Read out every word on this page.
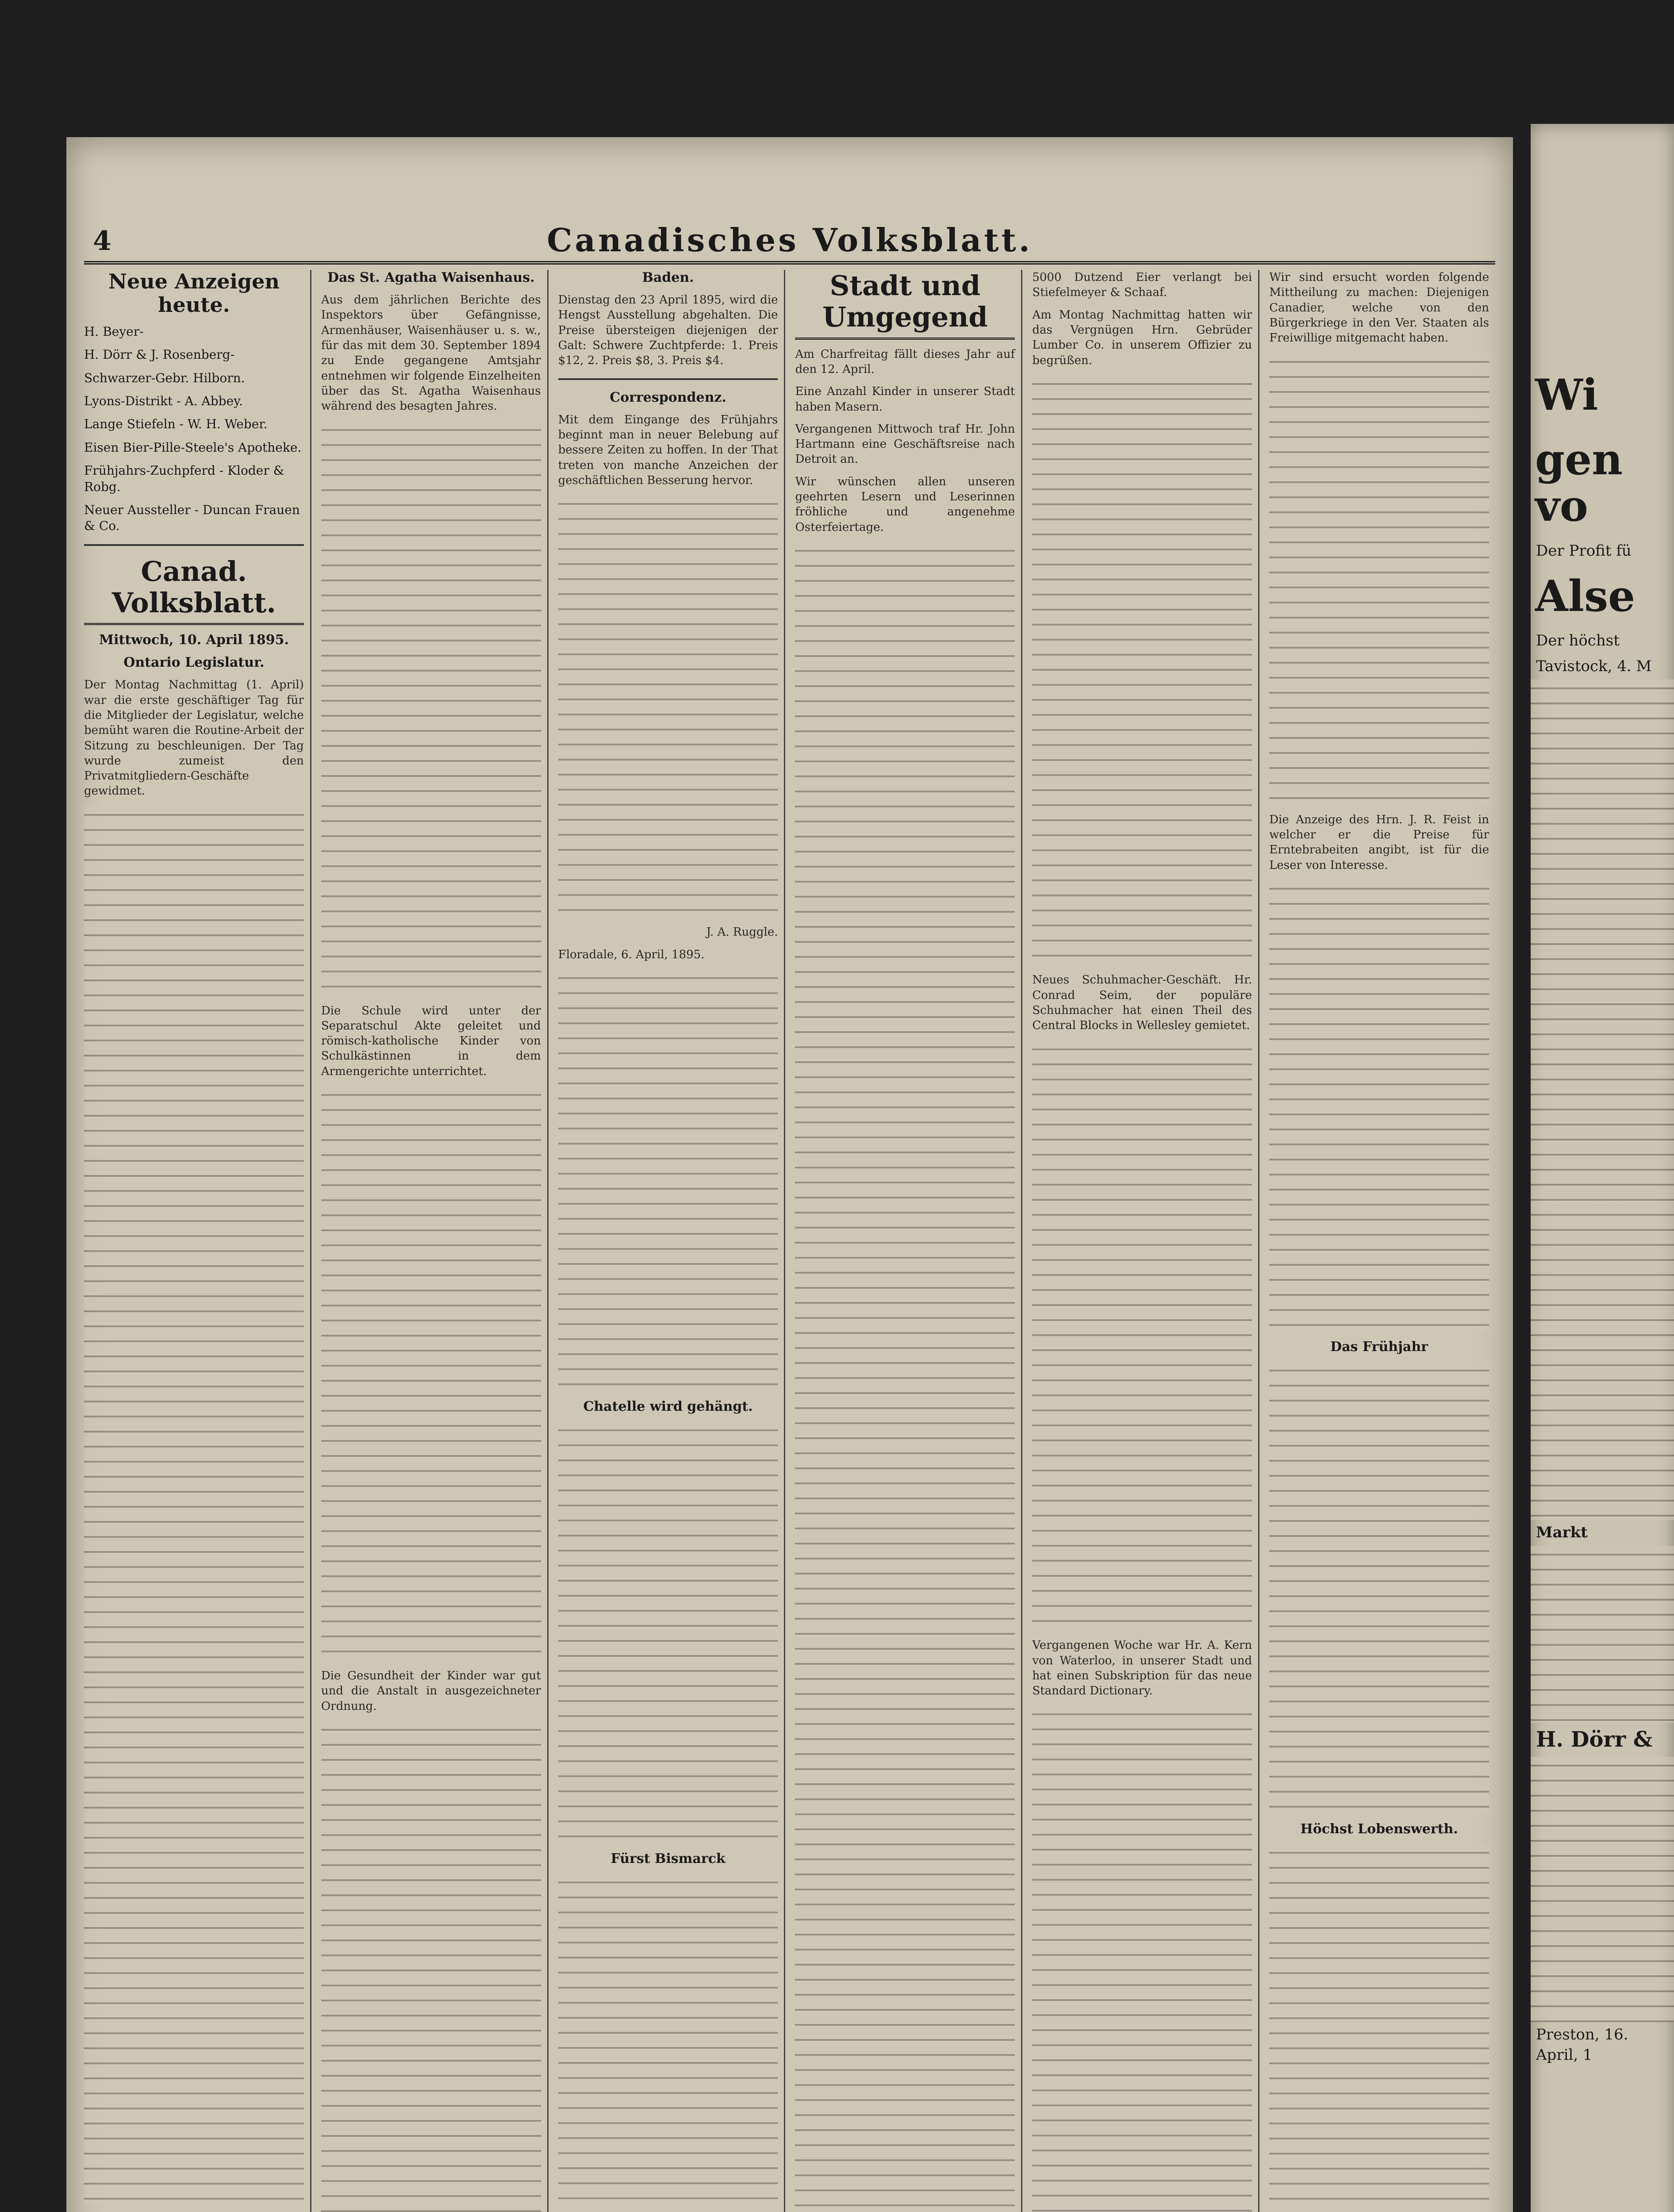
4	Canadisches Volksblatt.
Neue Anzeigen heute.
H. Beyer-
H. Dörr & J. Rosenberg-
Schwarzer-Gebr. Hilborn.
Lyons-Distrikt - A. Abbey.
Lange Stiefeln - W. H. Weber.
Eisen Bier-Pille-Steele's Apotheke.
Frühjahrs-Zuchpferd - Kloder & Robg.
Neuer Aussteller - Duncan Frauen & Co.
Canad. Volksblatt.
Mittwoch, 10. April 1895.
Ontario Legislatur.
Der Montag Nachmittag (1. April) war die erste geschäftiger Tag für die Mitglieder der Legislatur, welche bemüht waren die Routine-Arbeit der Sitzung zu beschleunigen. Der Tag wurde zumeist den Privatmitgliedern-Geschäfte gewidmet.
Das St. Agatha Waisenhaus.
Aus dem jährlichen Berichte des Inspektors über Gefängnisse, Armenhäuser, Waisenhäuser u. s. w., für das mit dem 30. September 1894 zu Ende gegangene Amtsjahr entnehmen wir folgende Einzelheiten über das St. Agatha Waisenhaus während des besagten Jahres.
Die Schule wird unter der Separatschul Akte geleitet und römisch-katholische Kinder von Schulkästinnen in dem Armengerichte unterrichtet.
Die Gesundheit der Kinder war gut und die Anstalt in ausgezeichneter Ordnung.
Baden.
Dienstag den 23 April 1895, wird die Hengst Ausstellung abgehalten. Die Preise übersteigen diejenigen der Galt: Schwere Zuchtpferde: 1. Preis $12, 2. Preis $8, 3. Preis $4.
Correspondenz.
Mit dem Eingange des Frühjahrs beginnt man in neuer Belebung auf bessere Zeiten zu hoffen. In der That treten von manche Anzeichen der geschäftlichen Besserung hervor.
J. A. Ruggle.
Floradale, 6. April, 1895.
Chatelle wird gehängt.
Fürst Bismarck
Stadt und Umgegend
Am Charfreitag fällt dieses Jahr auf den 12. April.
Eine Anzahl Kinder in unserer Stadt haben Masern.
Vergangenen Mittwoch traf Hr. John Hartmann eine Geschäftsreise nach Detroit an.
Wir wünschen allen unseren geehrten Lesern und Leserinnen fröhliche und angenehme Osterfeiertage.
5000 Dutzend Eier verlangt bei Stiefelmeyer & Schaaf.
Am Montag Nachmittag hatten wir das Vergnügen Hrn. Gebrüder Lumber Co. in unserem Offizier zu begrüßen.
Neues Schuhmacher-Geschäft. Hr. Conrad Seim, der populäre Schuhmacher hat einen Theil des Central Blocks in Wellesley gemietet.
Vergangenen Woche war Hr. A. Kern von Waterloo, in unserer Stadt und hat einen Subskription für das neue Standard Dictionary.
Wir sind ersucht worden folgende Mittheilung zu machen: Diejenigen Canadier, welche von den Bürgerkriege in den Ver. Staaten als Freiwillige mitgemacht haben.
Die Anzeige des Hrn. J. R. Feist in welcher er die Preise für Erntebrabeiten angibt, ist für die Leser von Interesse.
Das Frühjahr
Höchst Lobenswerth.
Wi
gen vo
Der Profit fü
Alse
Der höchst
Tavistock, 4. M
Markt
H. Dörr &
Preston, 16. April, 1
